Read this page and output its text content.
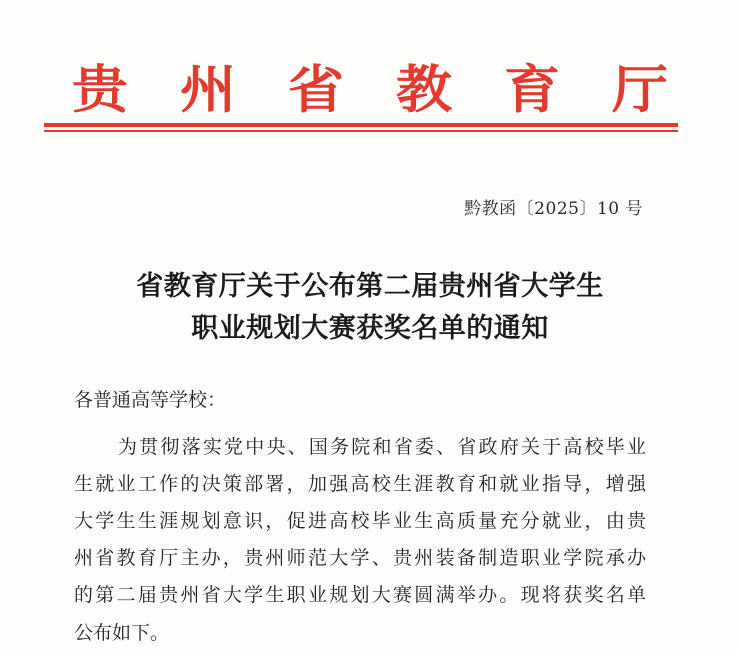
贵 州 省 教 育 厅
黔教函〔2025〕10 号
省教育厅关于公布第二届贵州省大学生
职业规划大赛获奖名单的通知
各普通高等学校：
为贯彻落实党中央、国务院和省委、省政府关于高校毕业
生就业工作的决策部署，加强高校生涯教育和就业指导，增强
大学生生涯规划意识，促进高校毕业生高质量充分就业，由贵
州省教育厅主办，贵州师范大学、贵州装备制造职业学院承办
的第二届贵州省大学生职业规划大赛圆满举办。现将获奖名单
公布如下。
